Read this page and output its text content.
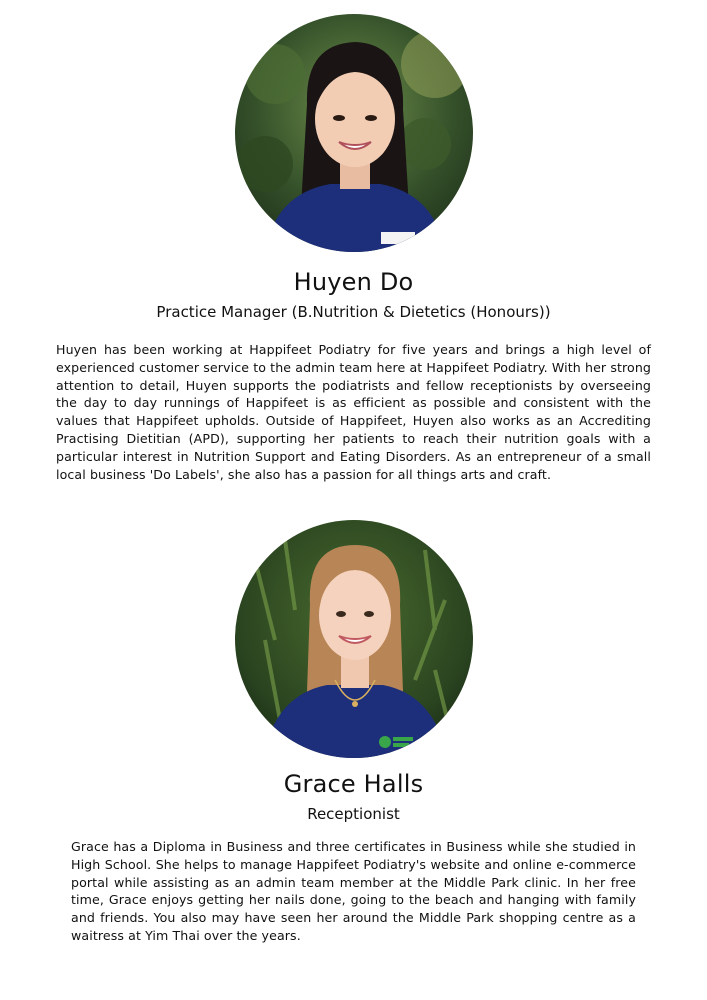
Huyen Do

Practice Manager (B.Nutrition & Dietetics (Honours))

Huyen has been working at Happifeet Podiatry for five years and brings a high level of experienced customer service to the admin team here at Happifeet Podiatry. With her strong attention to detail, Huyen supports the podiatrists and fellow receptionists by overseeing the day to day runnings of Happifeet is as efficient as possible and consistent with the values that Happifeet upholds. Outside of Happifeet, Huyen also works as an Accrediting Practising Dietitian (APD), supporting her patients to reach their nutrition goals with a particular interest in Nutrition Support and Eating Disorders. As an entrepreneur of a small local business 'Do Labels', she also has a passion for all things arts and craft.

Grace Halls

Receptionist

Grace has a Diploma in Business and three certificates in Business while she studied in High School. She helps to manage Happifeet Podiatry's website and online e-commerce portal while assisting as an admin team member at the Middle Park clinic. In her free time, Grace enjoys getting her nails done, going to the beach and hanging with family and friends. You also may have seen her around the Middle Park shopping centre as a waitress at Yim Thai over the years.
